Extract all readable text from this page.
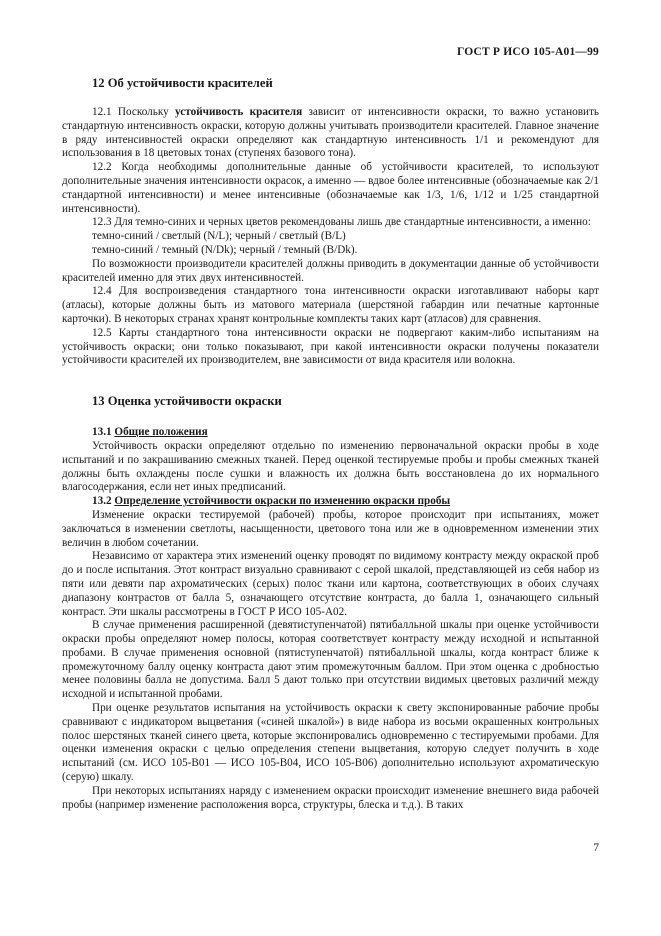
ГОСТ Р ИСО 105-А01—99
12 Об устойчивости красителей

12.1 Поскольку устойчивость красителя зависит от интенсивности окраски, то важно установить стандартную интенсивность окраски, которую должны учитывать производители красителей. Главное значение в ряду интенсивностей окраски определяют как стандартную интенсивность 1/1 и рекомендуют для использования в 18 цветовых тонах (ступенях базового тона).

12.2 Когда необходимы дополнительные данные об устойчивости красителей, то используют дополнительные значения интенсивности окрасок, а именно — вдвое более интенсивные (обозначаемые как 2/1 стандартной интенсивности) и менее интенсивные (обозначаемые как 1/3, 1/6, 1/12 и 1/25 стандартной интенсивности).

12.3 Для темно-синих и черных цветов рекомендованы лишь две стандартные интенсивности, а именно:

темно-синий / светлый (N/L); черный / светлый (B/L)

темно-синий / темный (N/Dk); черный / темный (B/Dk).

По возможности производители красителей должны приводить в документации данные об устойчивости красителей именно для этих двух интенсивностей.

12.4 Для воспроизведения стандартного тона интенсивности окраски изготавливают наборы карт (атласы), которые должны быть из матового материала (шерстяной габардин или печатные картонные карточки). В некоторых странах хранят контрольные комплекты таких карт (атласов) для сравнения.

12.5 Карты стандартного тона интенсивности окраски не подвергают каким-либо испытаниям на устойчивость окраски; они только показывают, при какой интенсивности окраски получены показатели устойчивости красителей их производителем, вне зависимости от вида красителя или волокна.

13 Оценка устойчивости окраски
13.1 Общие положения

Устойчивость окраски определяют отдельно по изменению первоначальной окраски пробы в ходе испытаний и по закрашиванию смежных тканей. Перед оценкой тестируемые пробы и пробы смежных тканей должны быть охлаждены после сушки и влажность их должна быть восстановлена до их нормального влагосодержания, если нет иных предписаний.

13.2 Определение устойчивости окраски по изменению окраски пробы

Изменение окраски тестируемой (рабочей) пробы, которое происходит при испытаниях, может заключаться в изменении светлоты, насыщенности, цветового тона или же в одновременном изменении этих величин в любом сочетании.

Независимо от характера этих изменений оценку проводят по видимому контрасту между окраской проб до и после испытания. Этот контраст визуально сравнивают с серой шкалой, представляющей из себя набор из пяти или девяти пар ахроматических (серых) полос ткани или картона, соответствующих в обоих случаях диапазону контрастов от балла 5, означающего отсутствие контраста, до балла 1, означающего сильный контраст. Эти шкалы рассмотрены в ГОСТ Р ИСО 105-А02.

В случае применения расширенной (девятиступенчатой) пятибалльной шкалы при оценке устойчивости окраски пробы определяют номер полосы, которая соответствует контрасту между исходной и испытанной пробами. В случае применения основной (пятиступенчатой) пятибалльной шкалы, когда контраст ближе к промежуточному баллу оценку контраста дают этим промежуточным баллом. При этом оценка с дробностью менее половины балла не допустима. Балл 5 дают только при отсутствии видимых цветовых различий между исходной и испытанной пробами.

При оценке результатов испытания на устойчивость окраски к свету экспонированные рабочие пробы сравнивают с индикатором выцветания («синей шкалой») в виде набора из восьми окрашенных контрольных полос шерстяных тканей синего цвета, которые экспонировались одновременно с тестируемыми пробами. Для оценки изменения окраски с целью определения степени выцветания, которую следует получить в ходе испытаний (см. ИСО 105-В01 — ИСО 105-В04, ИСО 105-В06) дополнительно используют ахроматическую (серую) шкалу.

При некоторых испытаниях наряду с изменением окраски происходит изменение внешнего вида рабочей пробы (например изменение расположения ворса, структуры, блеска и т.д.). В таких

7
